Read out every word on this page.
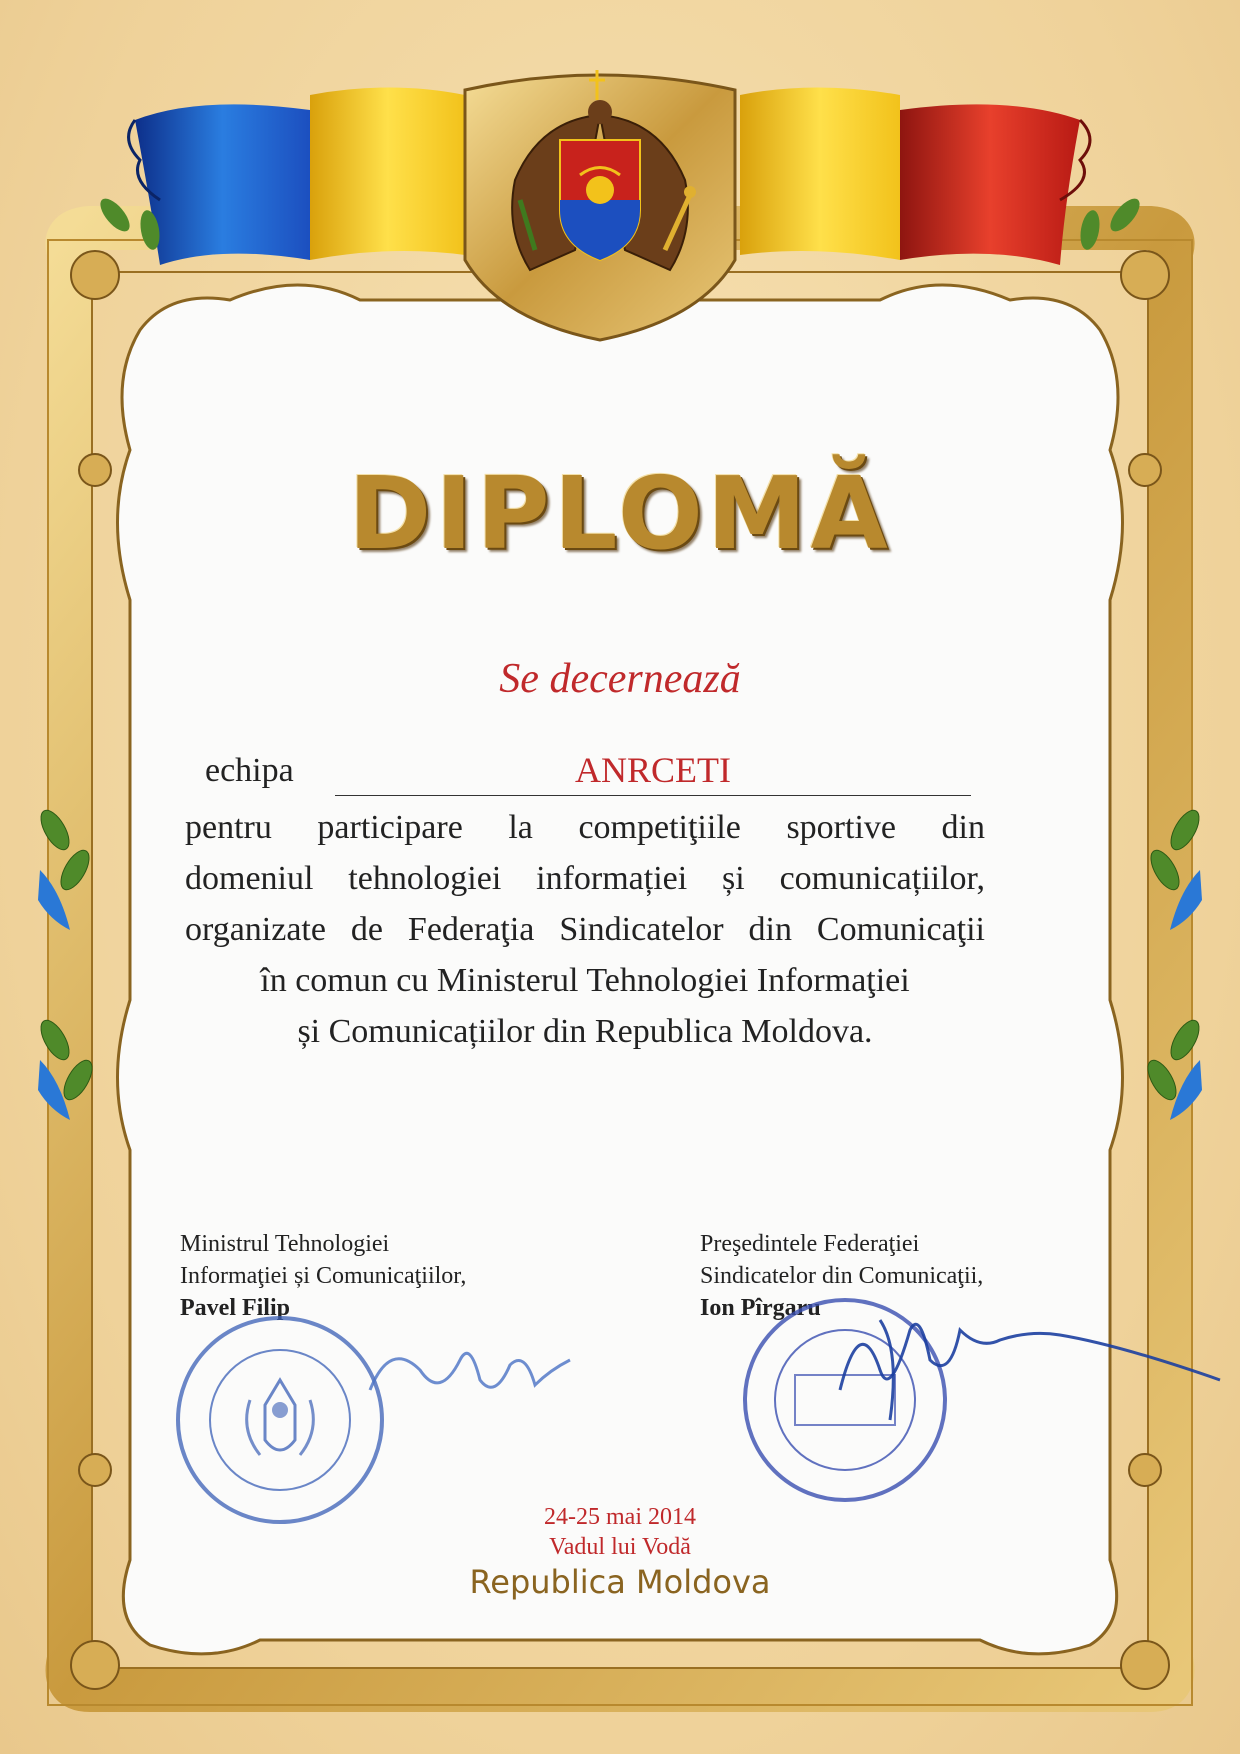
DIPLOMĂ
Se decernează
echipa	ANRCETI
pentru participare la competiţiile sportive din
domeniul tehnologiei informației și comunicațiilor,
organizate de Federaţia Sindicatelor din Comunicaţii
în comun cu Ministerul Tehnologiei Informaţiei
și Comunicațiilor din Republica Moldova.
Ministrul Tehnologiei
Informaţiei și Comunicaţiilor,
Pavel Filip
Preşedintele Federaţiei
Sindicatelor din Comunicaţii,
Ion Pîrgaru
24-25 mai 2014
Vadul lui Vodă
Republica Moldova
